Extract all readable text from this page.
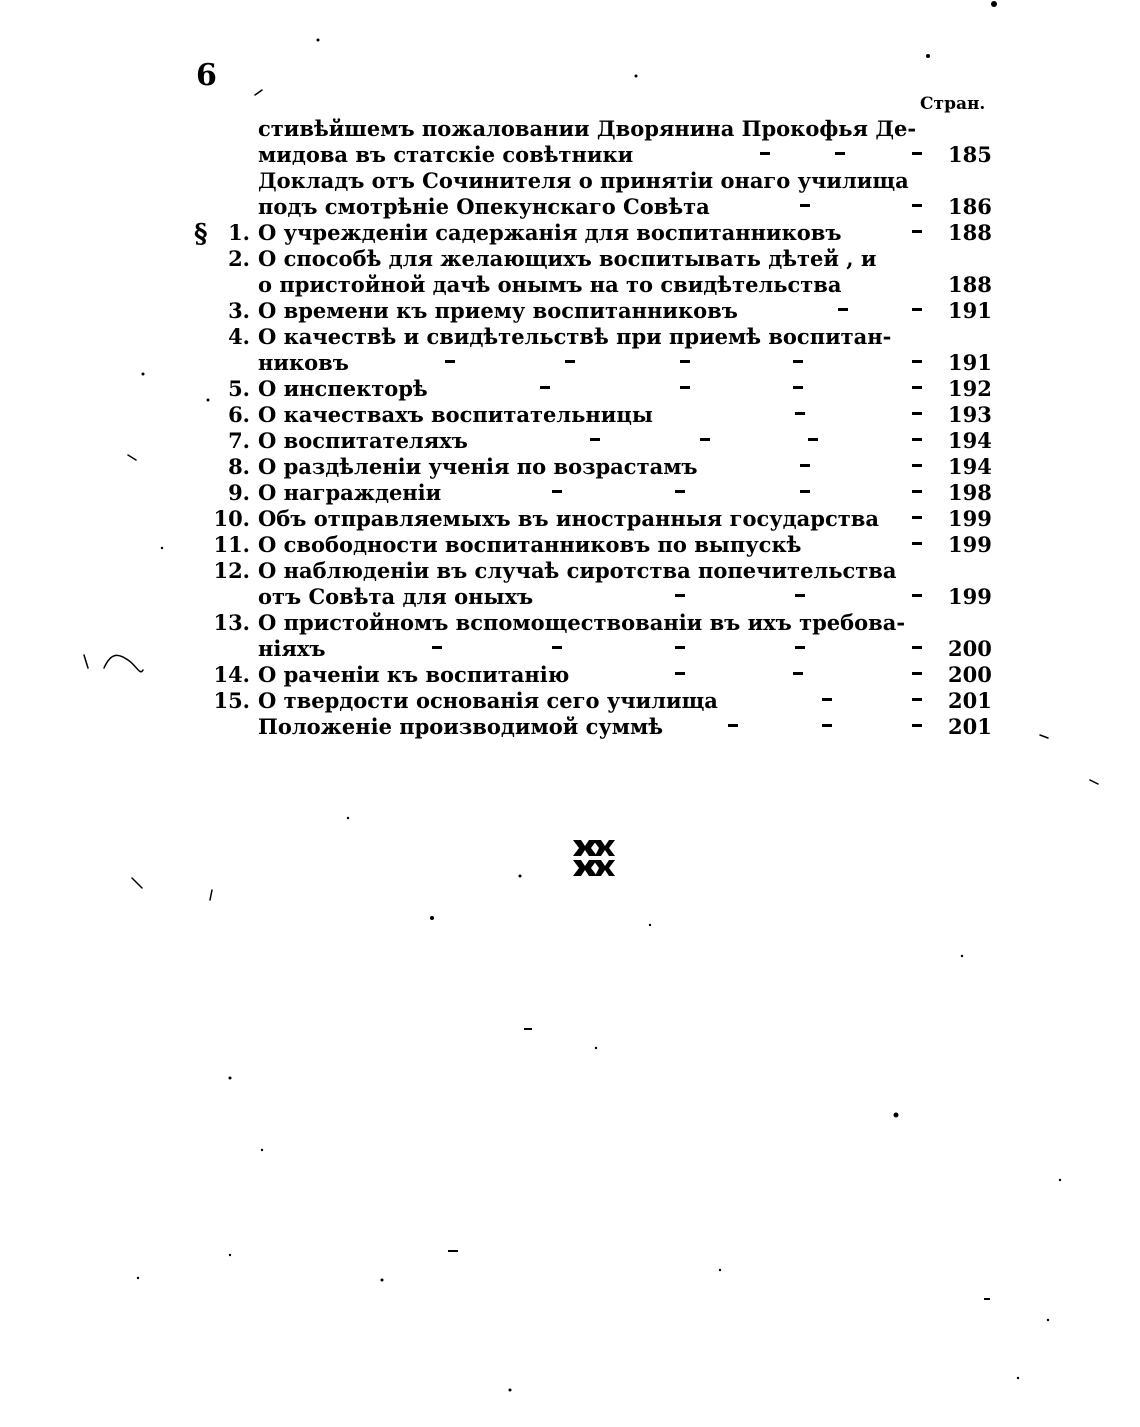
6
Стран.
стивѣйшемъ пожаловании Дворянина Прокофья Де-
мидова въ статскіе совѣтники	185
Докладъ отъ Сочинителя о принятіи онаго училища
подъ смотрѣніе Опекунскаго Совѣта	186
§ 1. О учрежденіи садержанія для воспитанниковъ	188
2. О способѣ для желающихъ воспитывать дѣтей , и
о пристойной дачѣ онымъ на то свидѣтельства	188
3. О времени къ приему воспитанниковъ	191
4. О качествѣ и свидѣтельствѣ при приемѣ воспитан-
никовъ	191
5. О инспекторѣ	192
6. О качествахъ воспитательницы	193
7. О воспитателяхъ	194
8. О раздѣленіи ученія по возрастамъ	194
9. О награжденіи	198
10. Объ отправляемыхъ въ иностранныя государства	199
11. О свободности воспитанниковъ по выпускѣ	199
12. О наблюденіи въ случаѣ сиротства попечительства
отъ Совѣта для оныхъ	199
13. О пристойномъ вспомоществованіи въ ихъ требова-
ніяхъ	200
14. О раченіи къ воспитанію	200
15. О твердости основанія сего училища	201
Положеніе производимой суммѣ	201
